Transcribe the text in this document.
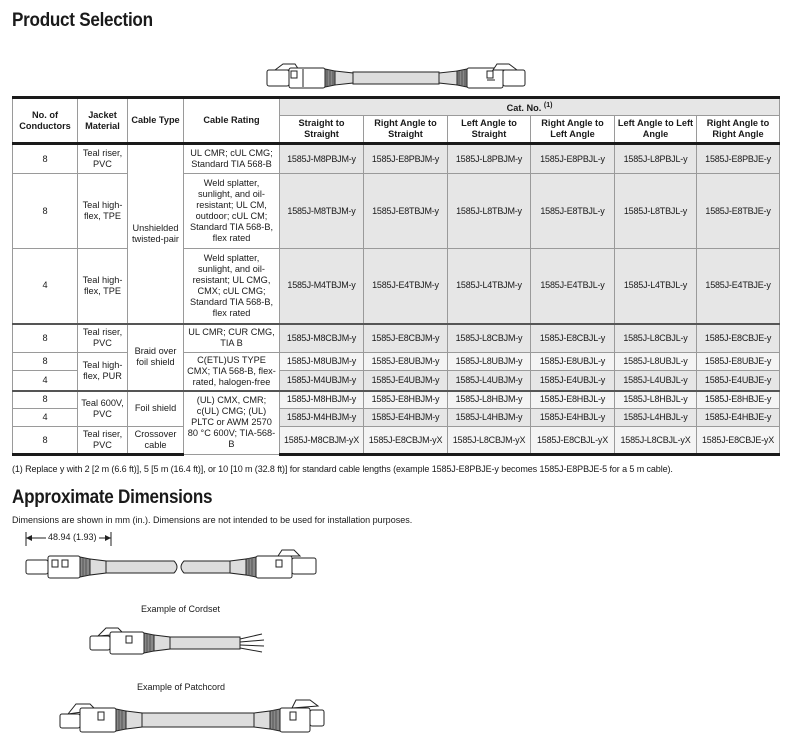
Product Selection
No. of Conductors	Jacket Material	Cable Type	Cable Rating	Cat. No. $^{(1)}$
				Straight to Straight	Right Angle to Straight	Left Angle to Straight	Right Angle to Left Angle	Left Angle to Left Angle	Right Angle to Right Angle
8	Teal riser, PVC	Unshielded twisted-pair	UL CMR; cUL CMG; Standard TIA 568-B	1585J-M8PBJM-y	1585J-E8PBJM-y	1585J-L8PBJM-y	1585J-E8PBJL-y	1585J-L8PBJL-y	1585J-E8PBJE-y
8	Teal high-flex, TPE		Weld splatter, sunlight, and oil-resistant; UL CM, outdoor; cUL CM; Standard TIA 568-B, flex rated	1585J-M8TBJM-y	1585J-E8TBJM-y	1585J-L8TBJM-y	1585J-E8TBJL-y	1585J-L8TBJL-y	1585J-E8TBJE-y
4	Teal high-flex, TPE		Weld splatter, sunlight, and oil-resistant; UL CMG, CMX; cUL CMG; Standard TIA 568-B, flex rated	1585J-M4TBJM-y	1585J-E4TBJM-y	1585J-L4TBJM-y	1585J-E4TBJL-y	1585J-L4TBJL-y	1585J-E4TBJE-y
8	Teal riser, PVC	Braid over foil shield	UL CMR; CUR CMG, TIA B	1585J-M8CBJM-y	1585J-E8CBJM-y	1585J-L8CBJM-y	1585J-E8CBJL-y	1585J-L8CBJL-y	1585J-E8CBJE-y
8	Teal high-flex, PUR		C(ETL)US TYPE CMX; TIA 568-B, flex-rated, halogen-free	1585J-M8UBJM-y	1585J-E8UBJM-y	1585J-L8UBJM-y	1585J-E8UBJL-y	1585J-L8UBJL-y	1585J-E8UBJE-y
4				1585J-M4UBJM-y	1585J-E4UBJM-y	1585J-L4UBJM-y	1585J-E4UBJL-y	1585J-L4UBJL-y	1585J-E4UBJE-y
8	Teal 600V, PVC	Foil shield	(UL) CMX, CMR; c(UL) CMG; (UL) PLTC or AWM 2570 80 °C 600V; TIA-568-B	1585J-M8HBJM-y	1585J-E8HBJM-y	1585J-L8HBJM-y	1585J-E8HBJL-y	1585J-L8HBJL-y	1585J-E8HBJE-y
4				1585J-M4HBJM-y	1585J-E4HBJM-y	1585J-L4HBJM-y	1585J-E4HBJL-y	1585J-L4HBJL-y	1585J-E4HBJE-y
8	Teal riser, PVC	Crossover cable		1585J-M8CBJM-yX	1585J-E8CBJM-yX	1585J-L8CBJM-yX	1585J-E8CBJL-yX	1585J-L8CBJL-yX	1585J-E8CBJE-yX
(1) Replace y with 2 [2 m (6.6 ft)], 5 [5 m (16.4 ft)], or 10 [10 m (32.8 ft)] for standard cable lengths (example 1585J-E8PBJE-y becomes 1585J-E8PBJE-5 for a 5 m cable).
Approximate Dimensions
Dimensions are shown in mm (in.). Dimensions are not intended to be used for installation purposes.
48.94 (1.93)
Example of Cordset
Example of Patchcord
